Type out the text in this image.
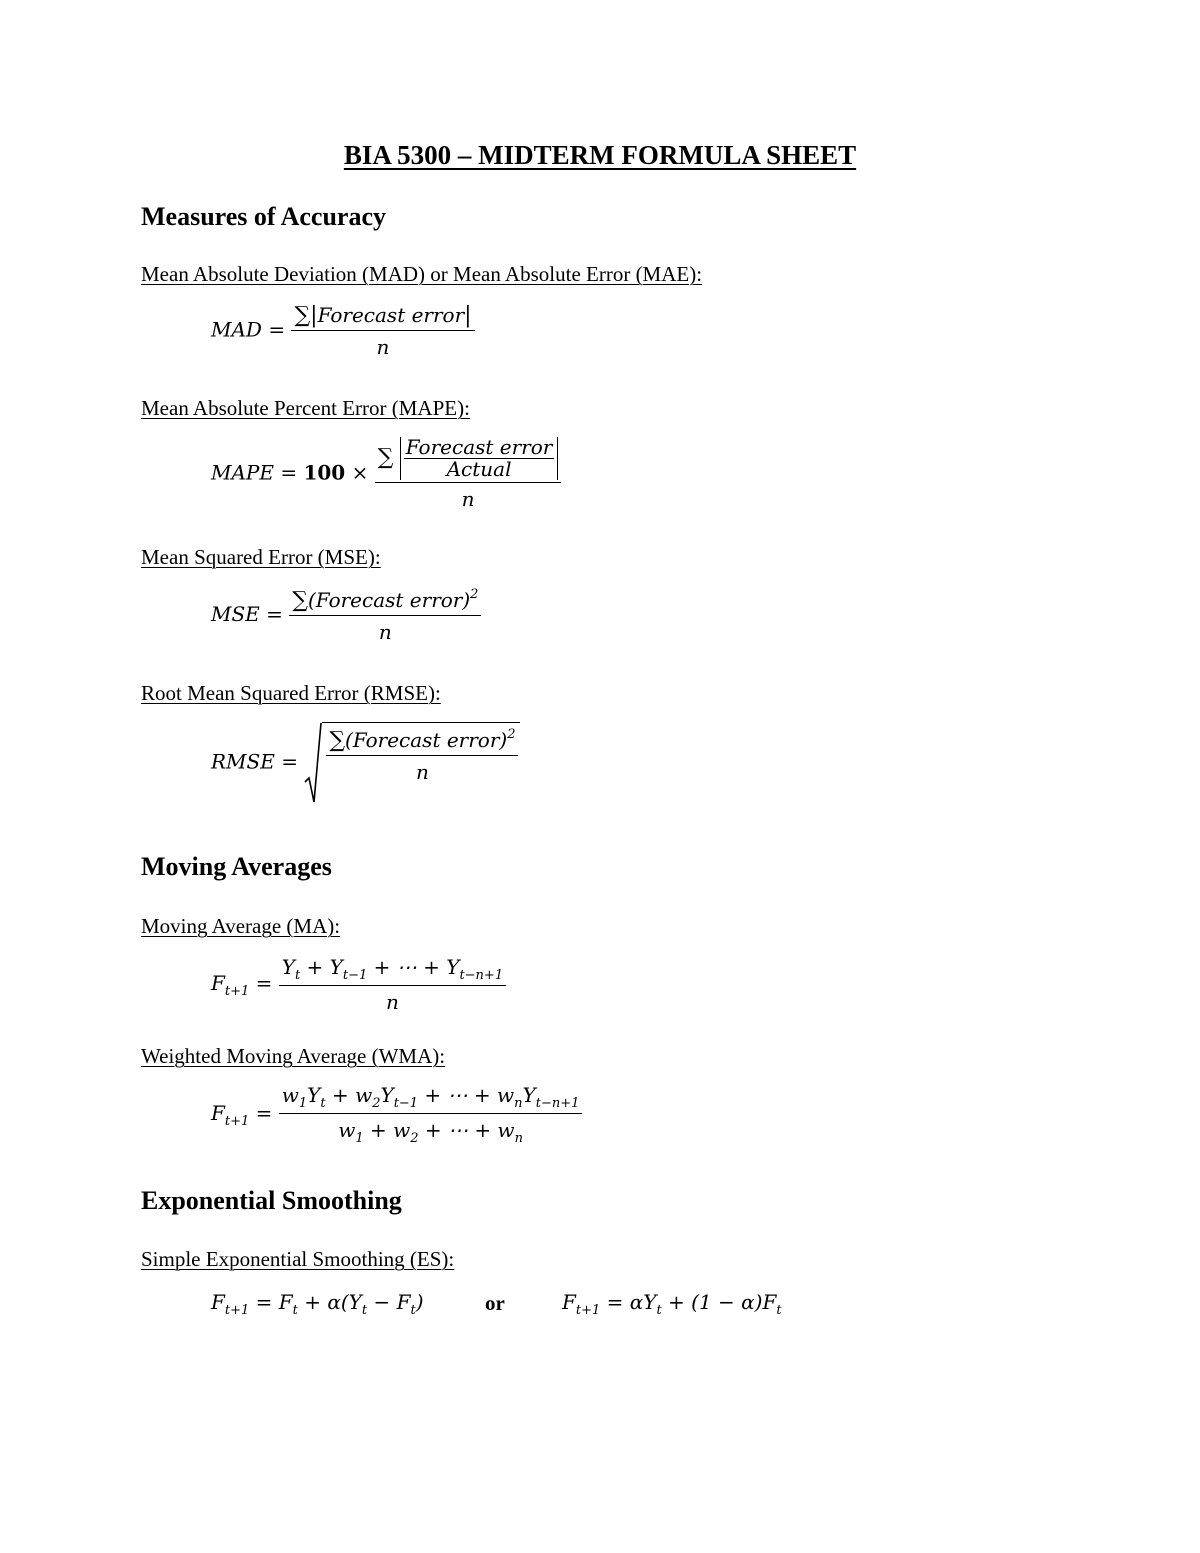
BIA 5300 – MIDTERM FORMULA SHEET
Measures of Accuracy
Mean Absolute Deviation (MAD) or Mean Absolute Error (MAE):
MAD = $\frac{\text{∑|Forecast error|}}{n}$
Mean Absolute Percent Error (MAPE):
MAPE = 100 × ∑ Forecast error
Actual
n
Mean Squared Error (MSE):
MSE = $\frac{\sum(Forecast error)^2}{n}$
Root Mean Squared Error (RMSE):
RMSE = $\frac{\sum(Forecast error)^2}{n}$
Moving Averages
Moving Average (MA):
$F_{t+1} = \frac{Y_t + Y_{t-1} + \cdots + Y_{t-n+1}}{n}$
Weighted Moving Average (WMA):
$F_{t+1} = \frac{w_1Y_t + w_2Y_{t-1} + \cdots + w_nY_{t-n+1}}{w_1 + w_2 + \cdots + w_n}$
Exponential Smoothing
Simple Exponential Smoothing (ES):
$F_{t+1} = F_t + \alpha(Y_t - F_t)$	or	$F_{t+1} = \alpha Y_t + (1 - \alpha)F_t$
